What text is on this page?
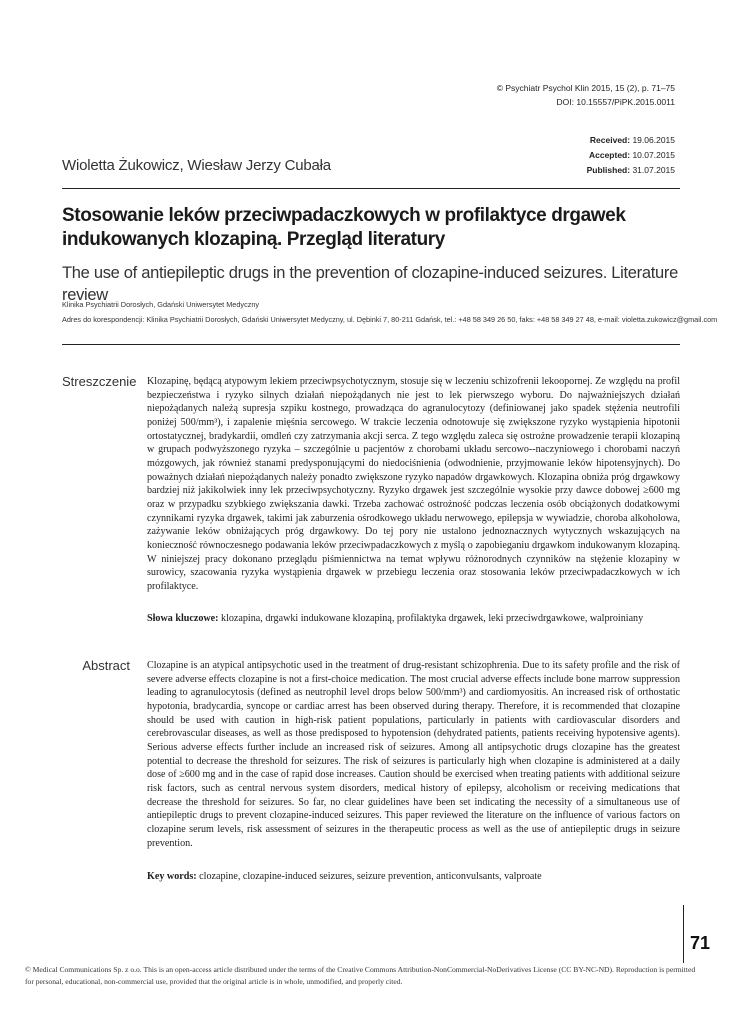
© Psychiatr Psychol Klin 2015, 15 (2), p. 71–75
DOI: 10.15557/PiPK.2015.0011
Received: 19.06.2015
Accepted: 10.07.2015
Published: 31.07.2015
Wioletta Żukowicz, Wiesław Jerzy Cubała
Stosowanie leków przeciwpadaczkowych w profilaktyce drgawek
indukowanych klozapiną. Przegląd literatury
The use of antiepileptic drugs in the prevention of clozapine-induced seizures. Literature review
Klinika Psychiatrii Dorosłych, Gdański Uniwersytet Medyczny
Adres do korespondencji: Klinika Psychiatrii Dorosłych, Gdański Uniwersytet Medyczny, ul. Dębinki 7, 80-211 Gdańsk, tel.: +48 58 349 26 50, faks: +48 58 349 27 48, e-mail: violetta.zukowicz@gmail.com
Streszczenie Klozapinę, będącą atypowym lekiem przeciwpsychotycznym, stosuje się w leczeniu schizofrenii lekoopornej. Ze względu na profil bezpieczeństwa i ryzyko silnych działań niepożądanych nie jest to lek pierwszego wyboru. Do najważniejszych działań niepożądanych należą supresja szpiku kostnego, prowadząca do agranulocytozy (definiowanej jako spadek stężenia neutrofili poniżej 500/mm³), i zapalenie mięśnia sercowego. W trakcie leczenia odnotowuje się zwiększone ryzyko wystąpienia hipotonii ortostatycznej, bradykardii, omdleń czy zatrzymania akcji serca. Z tego względu zaleca się ostrożne prowadzenie terapii klozapiną w grupach podwyższonego ryzyka – szczególnie u pacjentów z chorobami układu sercowo--naczyniowego i chorobami naczyń mózgowych, jak również stanami predysponującymi do niedociśnienia (odwodnienie, przyjmowanie leków hipotensyjnych). Do poważnych działań niepożądanych należy ponadto zwiększone ryzyko napadów drgawkowych. Klozapina obniża próg drgawkowy bardziej niż jakikolwiek inny lek przeciwpsychotyczny. Ryzyko drgawek jest szczególnie wysokie przy dawce dobowej ≥600 mg oraz w przypadku szybkiego zwiększania dawki. Trzeba zachować ostrożność podczas leczenia osób obciążonych dodatkowymi czynnikami ryzyka drgawek, takimi jak zaburzenia ośrodkowego układu nerwowego, epilepsja w wywiadzie, choroba alkoholowa, zażywanie leków obniżających próg drgawkowy. Do tej pory nie ustalono jednoznacznych wytycznych wskazujących na konieczność równoczesnego podawania leków przeciwpadaczkowych z myślą o zapobieganiu drgawkom indukowanym klozapiną. W niniejszej pracy dokonano przeglądu piśmiennictwa na temat wpływu różnorodnych czynników na stężenie klozapiny w surowicy, szacowania ryzyka wystąpienia drgawek w przebiegu leczenia oraz stosowania leków przeciwpadaczkowych w ich profilaktyce.
Słowa kluczowe: klozapina, drgawki indukowane klozapiną, profilaktyka drgawek, leki przeciwdrgawkowe, walproiniany
Abstract Clozapine is an atypical antipsychotic used in the treatment of drug-resistant schizophrenia. Due to its safety profile and the risk of severe adverse effects clozapine is not a first-choice medication. The most crucial adverse effects include bone marrow suppression leading to agranulocytosis (defined as neutrophil level drops below 500/mm³) and cardiomyositis. An increased risk of orthostatic hypotonia, bradycardia, syncope or cardiac arrest has been observed during therapy. Therefore, it is recommended that clozapine should be used with caution in high-risk patient populations, particularly in patients with cardiovascular disorders and cerebrovascular diseases, as well as those predisposed to hypotension (dehydrated patients, patients receiving hypotensive agents). Serious adverse effects further include an increased risk of seizures. Among all antipsychotic drugs clozapine has the greatest potential to decrease the threshold for seizures. The risk of seizures is particularly high when clozapine is administered at a daily dose of ≥600 mg and in the case of rapid dose increases. Caution should be exercised when treating patients with additional seizure risk factors, such as central nervous system disorders, medical history of epilepsy, alcoholism or receiving medications that decrease the threshold for seizures. So far, no clear guidelines have been set indicating the necessity of a simultaneous use of antiepileptic drugs to prevent clozapine-induced seizures. This paper reviewed the literature on the influence of various factors on clozapine serum levels, risk assessment of seizures in the therapeutic process as well as the use of antiepileptic drugs in seizure prevention.
Key words: clozapine, clozapine-induced seizures, seizure prevention, anticonvulsants, valproate
71
© Medical Communications Sp. z o.o. This is an open-access article distributed under the terms of the Creative Commons Attribution-NonCommercial-NoDerivatives License (CC BY-NC-ND). Reproduction is permitted for personal, educational, non-commercial use, provided that the original article is in whole, unmodified, and properly cited.
